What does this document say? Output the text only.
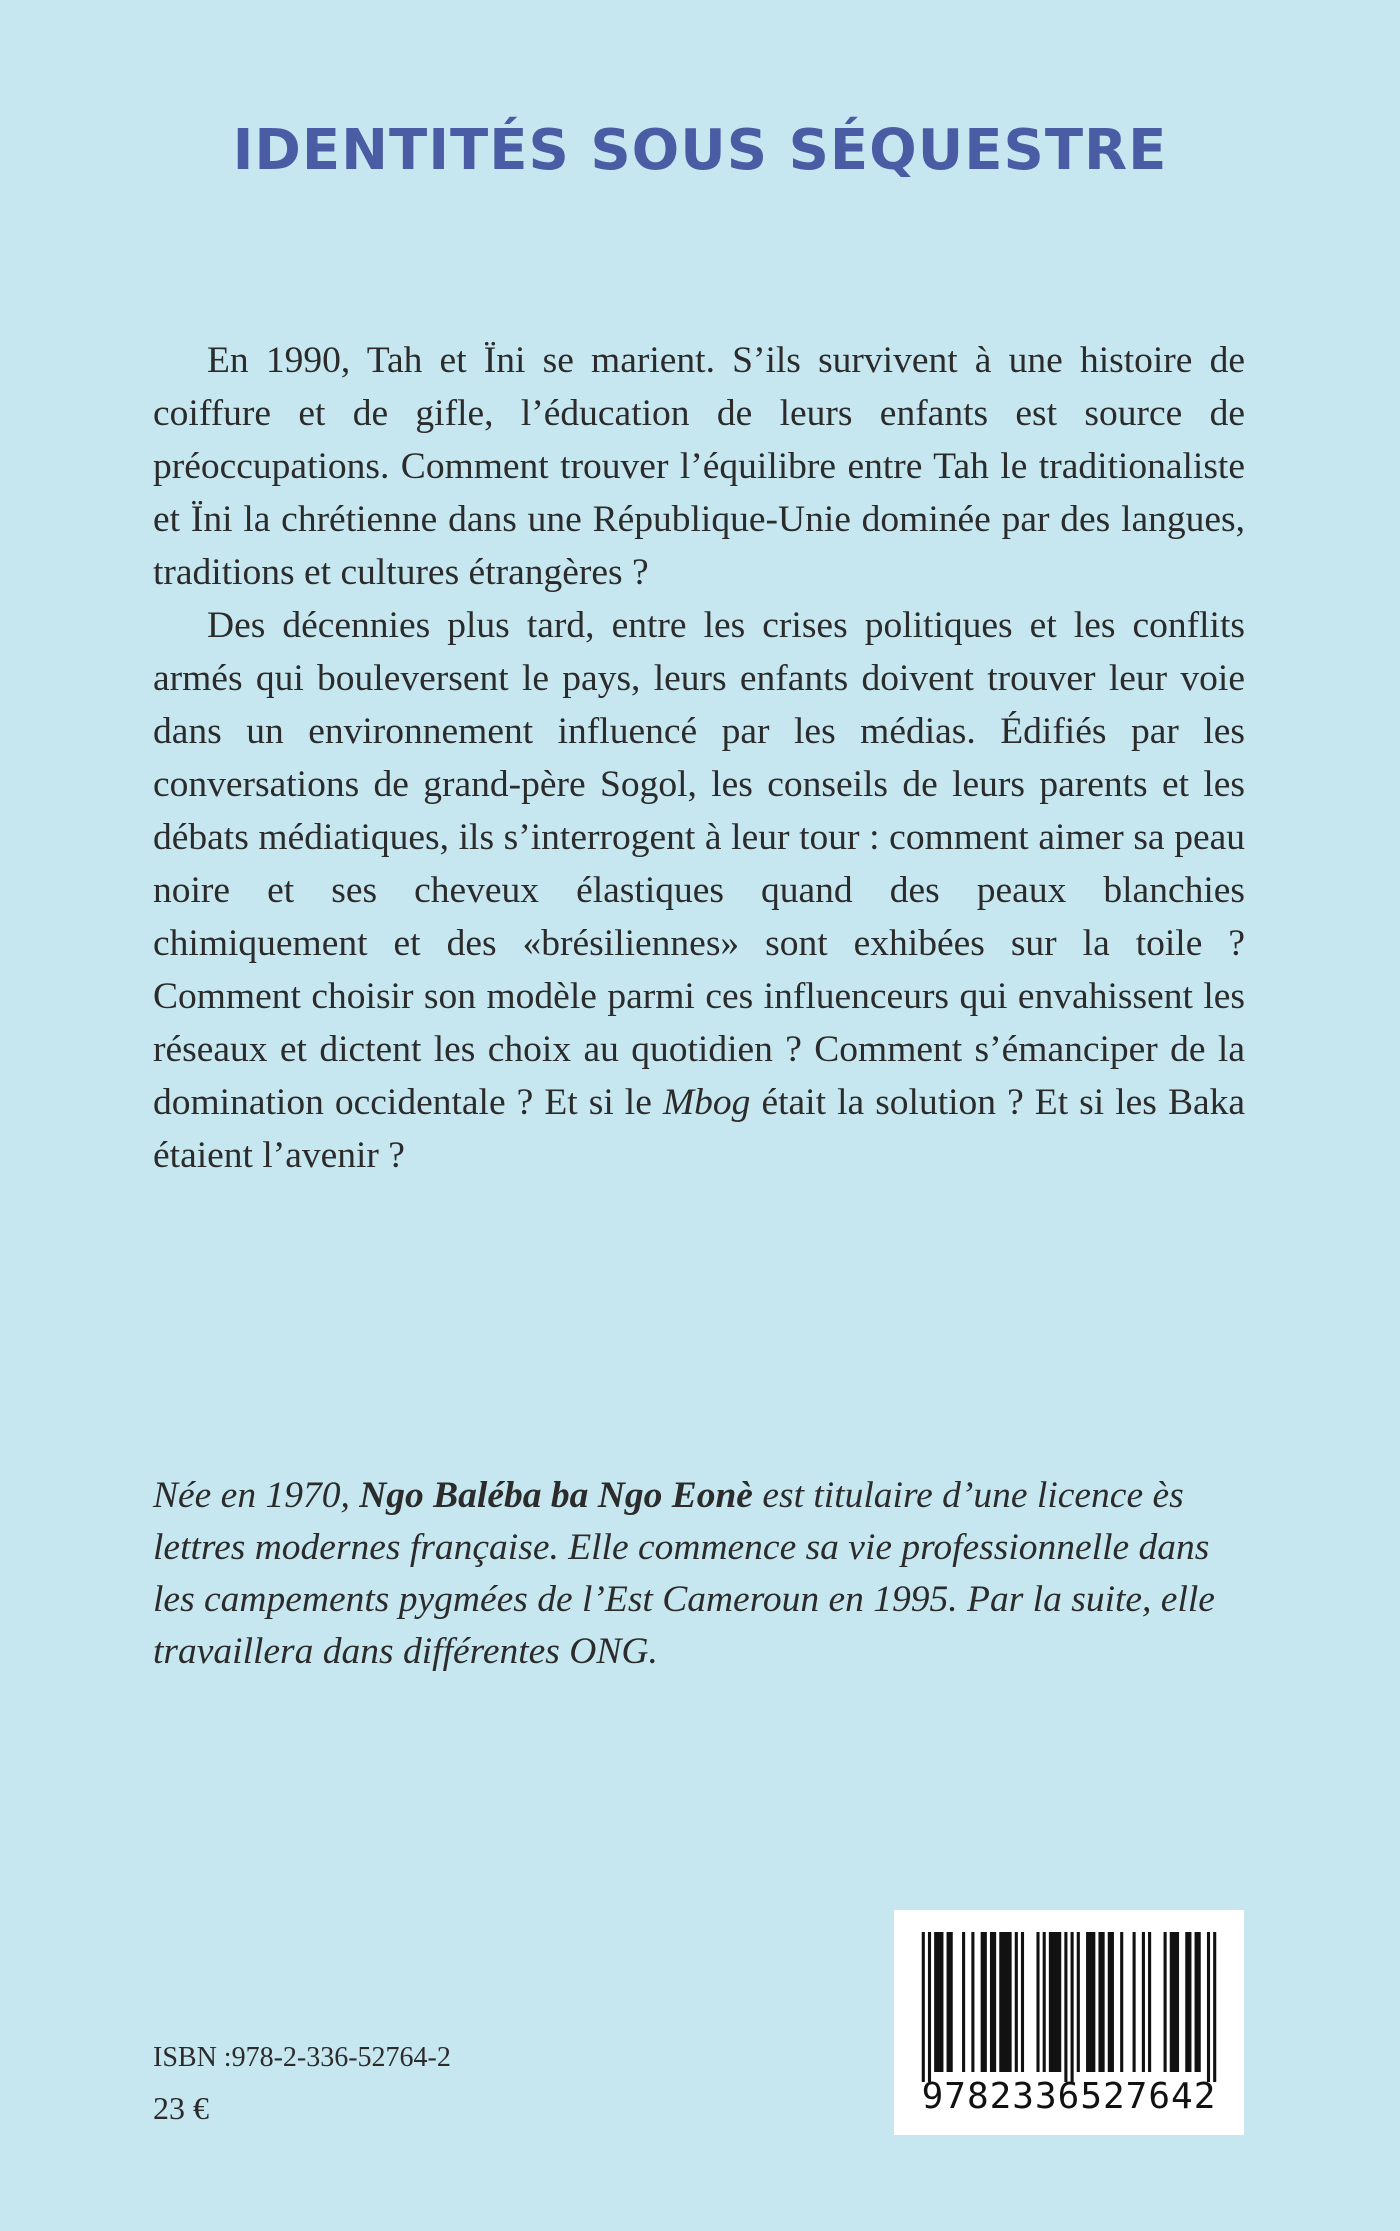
IDENTITÉS SOUS SÉQUESTRE

En 1990, Tah et Ïni se marient. S’ils survivent à une histoire de coiffure et de gifle, l’éducation de leurs enfants est source de préoccupations. Comment trouver l’équilibre entre Tah le traditionaliste et Ïni la chrétienne dans une République-Unie dominée par des langues, traditions et cultures étrangères ?

Des décennies plus tard, entre les crises politiques et les conflits armés qui bouleversent le pays, leurs enfants doivent trouver leur voie dans un environnement influencé par les médias. Édifiés par les conversations de grand-père Sogol, les conseils de leurs parents et les débats médiatiques, ils s’interrogent à leur tour : comment aimer sa peau noire et ses cheveux élastiques quand des peaux blanchies chimiquement et des «brésiliennes» sont exhibées sur la toile ? Comment choisir son modèle parmi ces influenceurs qui envahissent les réseaux et dictent les choix au quotidien ? Comment s’émanciper de la domination occidentale ? Et si le Mbog était la solution ? Et si les Baka étaient l’avenir ?

Née en 1970, Ngo Baléba ba Ngo Eonè est titulaire d’une licence ès lettres modernes française. Elle commence sa vie professionnelle dans les campements pygmées de l’Est Cameroun en 1995. Par la suite, elle travaillera dans différentes ONG.

ISBN :978-2-336-52764-2

23 €	9782336527642
